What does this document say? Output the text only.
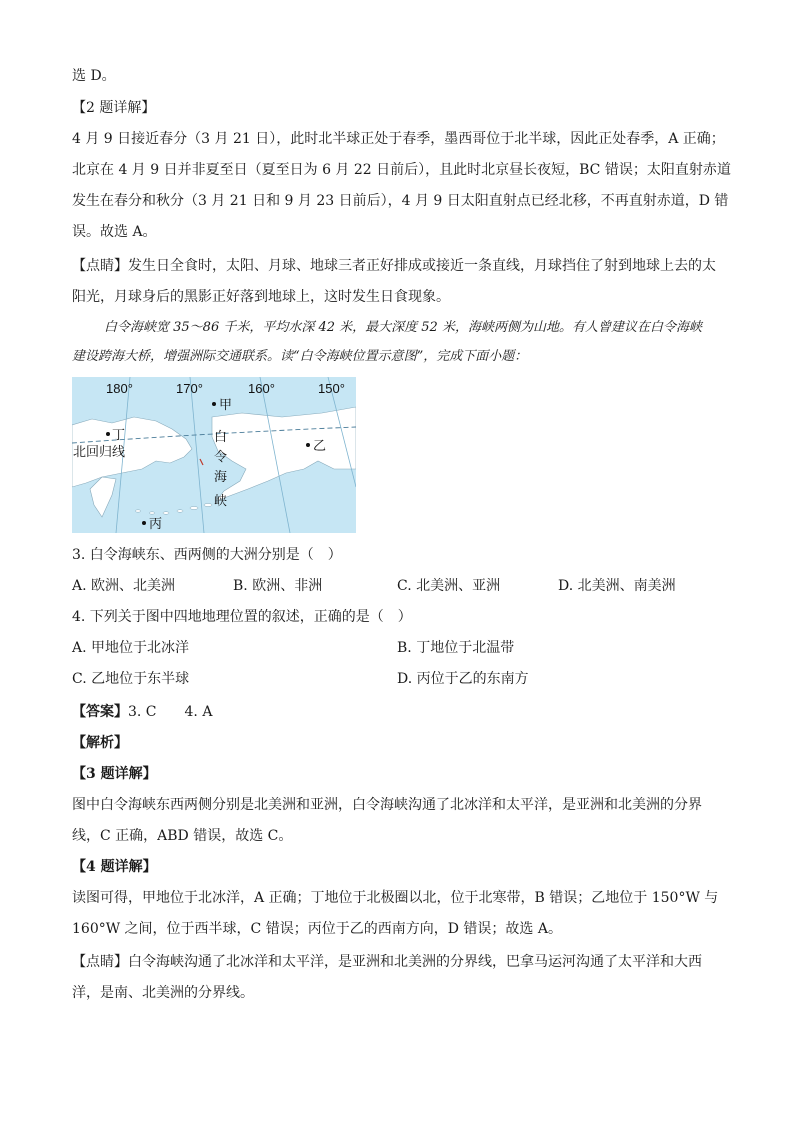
选 D。
【2 题详解】
4 月 9 日接近春分（3 月 21 日），此时北半球正处于春季，墨西哥位于北半球，因此正处春季，A 正确；
北京在 4 月 9 日并非夏至日（夏至日为 6 月 22 日前后），且此时北京昼长夜短，BC 错误；太阳直射赤道
发生在春分和秋分（3 月 21 日和 9 月 23 日前后），4 月 9 日太阳直射点已经北移，不再直射赤道，D 错
误。故选 A。
【点睛】发生日全食时，太阳、月球、地球三者正好排成或接近一条直线，月球挡住了射到地球上去的太
阳光，月球身后的黑影正好落到地球上，这时发生日食现象。
白令海峡宽 35～86 千米，平均水深 42 米，最大深度 52 米，海峡两侧为山地。有人曾建议在白令海峡
建设跨海大桥，增强洲际交通联系。读“白令海峡位置示意图”，完成下面小题：
180°	170°	160°	150°
甲
丁
乙
丙
北回归线
白
令
海
峡
3. 白令海峡东、西两侧的大洲分别是（　）
A. 欧洲、北美洲	B. 欧洲、非洲	C. 北美洲、亚洲	D. 北美洲、南美洲
4. 下列关于图中四地地理位置的叙述，正确的是（　）
A. 甲地位于北冰洋	B. 丁地位于北温带
C. 乙地位于东半球	D. 丙位于乙的东南方
【答案】3. C　　4. A
【解析】
【3 题详解】
图中白令海峡东西两侧分别是北美洲和亚洲，白令海峡沟通了北冰洋和太平洋，是亚洲和北美洲的分界
线，C 正确，ABD 错误，故选 C。
【4 题详解】
读图可得，甲地位于北冰洋，A 正确；丁地位于北极圈以北，位于北寒带，B 错误；乙地位于 150°W 与
160°W 之间，位于西半球，C 错误；丙位于乙的西南方向，D 错误；故选 A。
【点睛】白令海峡沟通了北冰洋和太平洋，是亚洲和北美洲的分界线，巴拿马运河沟通了太平洋和大西
洋，是南、北美洲的分界线。
